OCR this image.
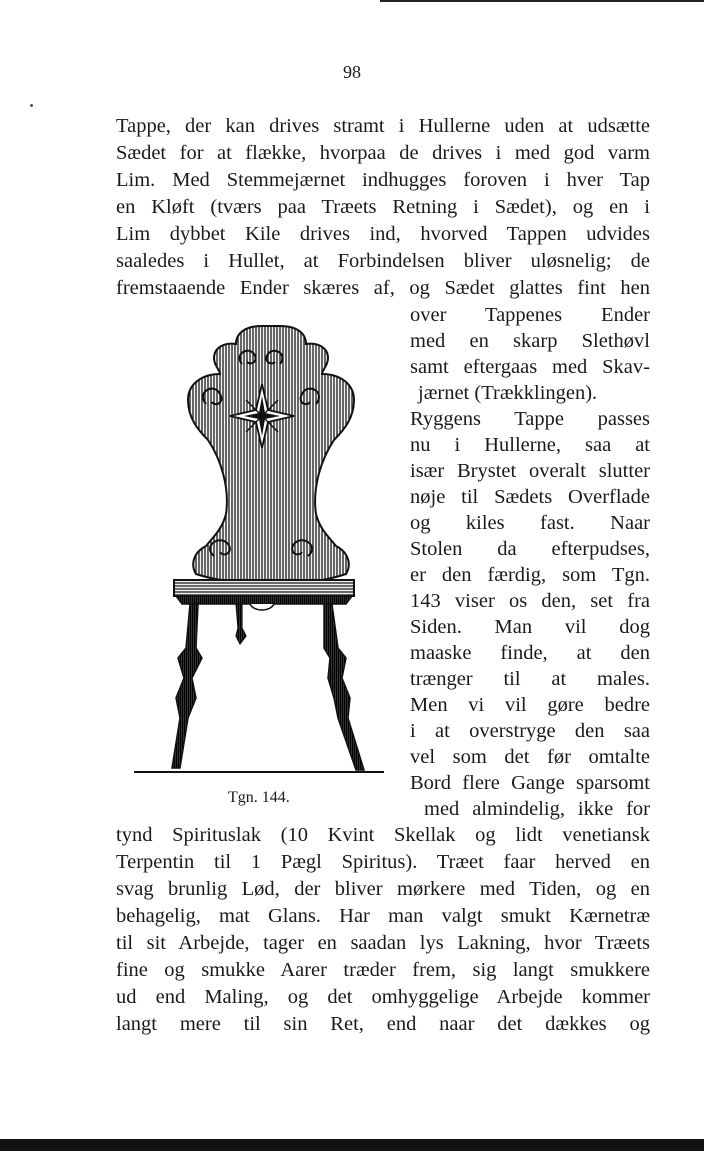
98
Tappe, der kan drives stramt i Hullerne uden at udsætte
Sædet for at flække, hvorpaa de drives i med god varm
Lim. Med Stemmejærnet indhugges foroven i hver Tap
en Kløft (tværs paa Træets Retning i Sædet), og en i
Lim dybbet Kile drives ind, hvorved Tappen udvides
saaledes i Hullet, at Forbindelsen bliver uløsnelig; de
fremstaaende Ender skæres af, og Sædet glattes fint hen
over Tappenes Ender
med en skarp Slethøvl
samt eftergaas med Skav-
jærnet (Trækklingen).
Ryggens Tappe passes
nu i Hullerne, saa at
især Brystet overalt slutter
nøje til Sædets Overflade
og kiles fast. Naar
Stolen da efterpudses,
er den færdig, som Tgn.
143 viser os den, set fra
Siden. Man vil dog
maaske finde, at den
trænger til at males.
Men vi vil gøre bedre
i at overstryge den saa
vel som det før omtalte
Bord flere Gange sparsomt
med almindelig, ikke for
tynd Spirituslak (10 Kvint Skellak og lidt venetiansk
Terpentin til 1 Pægl Spiritus). Træet faar herved en
svag brunlig Lød, der bliver mørkere med Tiden, og en
behagelig, mat Glans. Har man valgt smukt Kærnetræ
til sit Arbejde, tager en saadan lys Lakning, hvor Træets
fine og smukke Aarer træder frem, sig langt smukkere
ud end Maling, og det omhyggelige Arbejde kommer
langt mere til sin Ret, end naar det dækkes og
Tgn. 144.
